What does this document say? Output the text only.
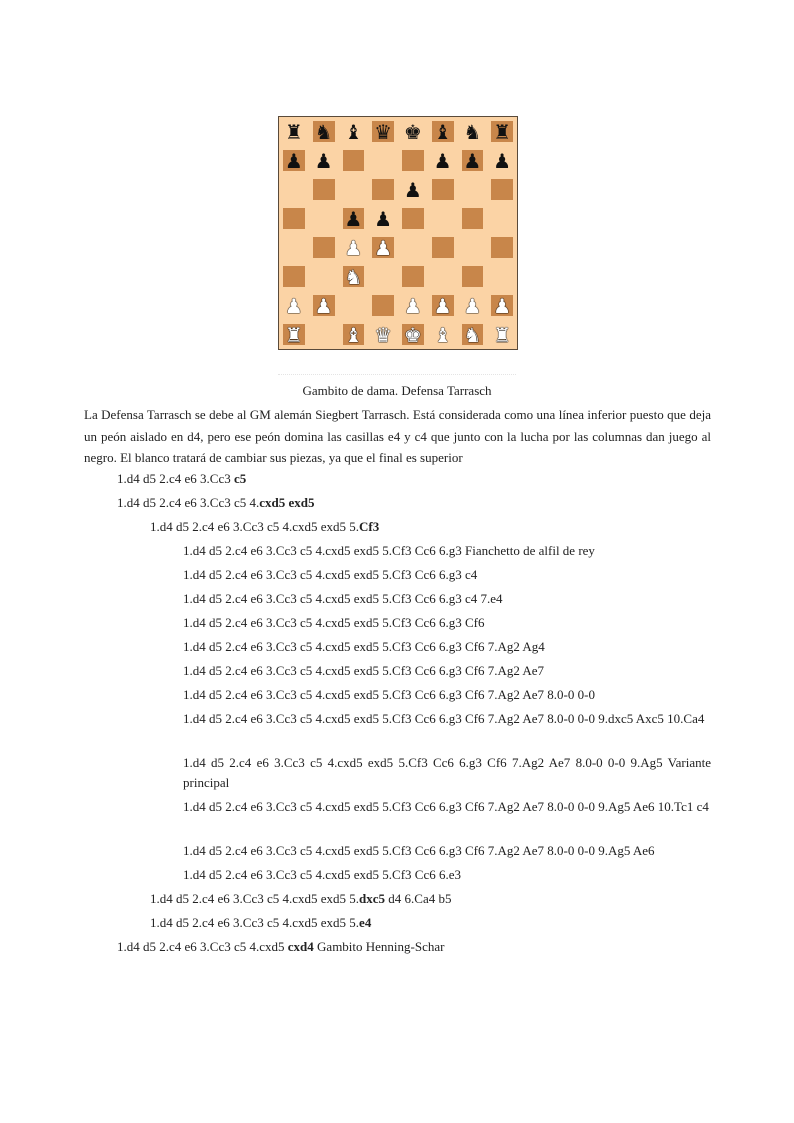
♜ ♞ ♝ ♛ ♚ ♝ ♞ ♜
♟ ♟	♟ ♟ ♟
♟
♟ ♟
♟ ♟
♞
♟ ♟	♟ ♟ ♟ ♟
♜ ♝ ♛ ♚ ♝ ♞ ♜
Gambito de dama. Defensa Tarrasch

La Defensa Tarrasch se debe al GM alemán Siegbert Tarrasch. Está considerada como una línea inferior puesto que deja un peón aislado en d4, pero ese peón domina las casillas e4 y c4 que junto con la lucha por las columnas dan juego al negro. El blanco tratará de cambiar sus piezas, ya que el final es superior

1.d4 d5 2.c4 e6 3.Cc3 c5

1.d4 d5 2.c4 e6 3.Cc3 c5 4.cxd5 exd5

1.d4 d5 2.c4 e6 3.Cc3 c5 4.cxd5 exd5 5.Cf3

1.d4 d5 2.c4 e6 3.Cc3 c5 4.cxd5 exd5 5.Cf3 Cc6 6.g3 Fianchetto de alfil de rey

1.d4 d5 2.c4 e6 3.Cc3 c5 4.cxd5 exd5 5.Cf3 Cc6 6.g3 c4

1.d4 d5 2.c4 e6 3.Cc3 c5 4.cxd5 exd5 5.Cf3 Cc6 6.g3 c4 7.e4

1.d4 d5 2.c4 e6 3.Cc3 c5 4.cxd5 exd5 5.Cf3 Cc6 6.g3 Cf6

1.d4 d5 2.c4 e6 3.Cc3 c5 4.cxd5 exd5 5.Cf3 Cc6 6.g3 Cf6 7.Ag2 Ag4

1.d4 d5 2.c4 e6 3.Cc3 c5 4.cxd5 exd5 5.Cf3 Cc6 6.g3 Cf6 7.Ag2 Ae7

1.d4 d5 2.c4 e6 3.Cc3 c5 4.cxd5 exd5 5.Cf3 Cc6 6.g3 Cf6 7.Ag2 Ae7 8.0-0 0-0

1.d4 d5 2.c4 e6 3.Cc3 c5 4.cxd5 exd5 5.Cf3 Cc6 6.g3 Cf6 7.Ag2 Ae7 8.0-0 0-0 9.dxc5 Axc5 10.Ca4

1.d4 d5 2.c4 e6 3.Cc3 c5 4.cxd5 exd5 5.Cf3 Cc6 6.g3 Cf6 7.Ag2 Ae7 8.0-0 0-0 9.Ag5 Variante principal

1.d4 d5 2.c4 e6 3.Cc3 c5 4.cxd5 exd5 5.Cf3 Cc6 6.g3 Cf6 7.Ag2 Ae7 8.0-0 0-0 9.Ag5 Ae6 10.Tc1 c4

1.d4 d5 2.c4 e6 3.Cc3 c5 4.cxd5 exd5 5.Cf3 Cc6 6.g3 Cf6 7.Ag2 Ae7 8.0-0 0-0 9.Ag5 Ae6

1.d4 d5 2.c4 e6 3.Cc3 c5 4.cxd5 exd5 5.Cf3 Cc6 6.e3

1.d4 d5 2.c4 e6 3.Cc3 c5 4.cxd5 exd5 5.dxc5 d4 6.Ca4 b5

1.d4 d5 2.c4 e6 3.Cc3 c5 4.cxd5 exd5 5.e4

1.d4 d5 2.c4 e6 3.Cc3 c5 4.cxd5 cxd4 Gambito Henning-Schar
